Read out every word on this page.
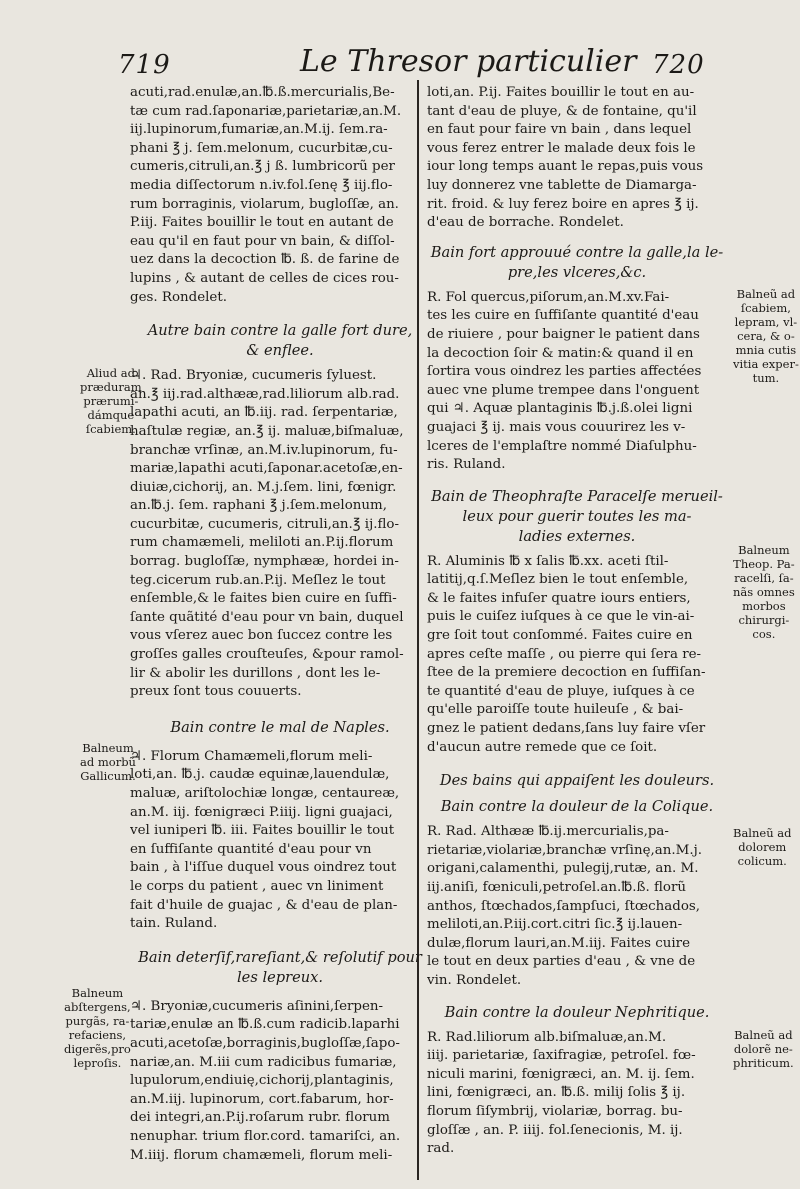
719	Le Thresor particulier 720

acuti,rad.enulæ,an.℔.ß.mercurialis,Be-
tæ cum rad.ſaponariæ,parietariæ,an.M.
iij.lupinorum,fumariæ,an.M.ij. ſem.ra-
phani ℥ j. ſem.melonum, cucurbitæ,cu-
cumeris,citruli,an.℥ j ß. lumbricorũ per
media diſſectorum n.iv.fol.ſenę ℥ iij.flo-
rum borraginis, violarum, bugloſſæ, an.
P.iij. Faites bouillir le tout en autant de
eau qu'il en faut pour vn bain, & diſſol-
uez dans la decoction ℔. ß. de farine de
lupins , & autant de celles de cices rou-
ges. Rondelet.

Autre bain contre la galle fort dure,
& enflee.

♃. Rad. Bryoniæ, cucumeris ſyluest.
an.℥ iij.rad.althææ,rad.liliorum alb.rad.
lapathi acuti, an ℔.iij. rad. ſerpentariæ,
haſtulæ regiæ, an.℥ ij. maluæ,biſmaluæ,
branchæ vrſinæ, an.M.iv.lupinorum, fu-
mariæ,lapathi acuti,ſaponar.acetoſæ,en-
diuiæ,cichorij, an. M.j.ſem. lini, fœnigr.
an.℔.j. ſem. raphani ℥ j.ſem.melonum,
cucurbitæ, cucumeris, citruli,an.℥ ij.flo-
rum chamæmeli, meliloti an.P.ij.florum
borrag. bugloſſæ, nymphææ, hordei in-
teg.cicerum rub.an.P.ij. Meſlez le tout
enſemble,& le faites bien cuire en ſuffi-
ſante quãtité d'eau pour vn bain, duquel
vous vſerez auec bon ſuccez contre les
groſſes galles crouſteuſes, &pour ramol-
lir & abolir les durillons , dont les le-
preux ſont tous couuerts.

Bain contre le mal de Naples.

♃. Florum Chamæmeli,florum meli-
loti,an. ℔.j. caudæ equinæ,lauendulæ,
maluæ, ariſtolochiæ longæ, centaureæ,
an.M. iij. fœnigræci P.iiij. ligni guajaci,
vel iuniperi ℔. iii. Faites bouillir le tout
en ſuffiſante quantité d'eau pour vn
bain , à l'iſſue duquel vous oindrez tout
le corps du patient , auec vn liniment
fait d'huile de guajac , & d'eau de plan-
tain. Ruland.

Bain deterſif,rareſiant,& reſolutif pour
les lepreux.

♃. Bryoniæ,cucumeris aſinini,ſerpen-
tariæ,enulæ an ℔.ß.cum radicib.laparhi
acuti,acetoſæ,borraginis,bugloſſæ,ſapo-
nariæ,an. M.iii cum radicibus fumariæ,
lupulorum,endiuię,cichorij,plantaginis,
an.M.iij. lupinorum, cort.fabarum, hor-
dei integri,an.P.ij.roſarum rubr. florum
nenuphar. trium flor.cord. tamariſci, an.
M.iiij. florum chamæmeli, florum meli-

loti,an. P.ij. Faites bouillir le tout en au-
tant d'eau de pluye, & de fontaine, qu'il
en faut pour faire vn bain , dans lequel
vous ferez entrer le malade deux fois le
iour long temps auant le repas,puis vous
luy donnerez vne tablette de Diamarga-
rit. froid. & luy ferez boire en apres ℥ ij.
d'eau de borrache. Rondelet.

Bain fort approuué contre la galle,la le-
pre,les vlceres,&c.

R. Fol quercus,piſorum,an.M.xv.Fai-
tes les cuire en ſuffiſante quantité d'eau
de riuiere , pour baigner le patient dans
la decoction ſoir & matin:& quand il en
ſortira vous oindrez les parties affectées
auec vne plume trempee dans l'onguent
qui ♃. Aquæ plantaginis ℔.j.ß.olei ligni
guajaci ℥ ij. mais vous couurirez les v-
lceres de l'emplaſtre nommé Diaſulphu-
ris. Ruland.

Bain de Theophraſte Paracelſe merueil-
leux pour guerir toutes les ma-
ladies externes.

R. Aluminis ℔ x ſalis ℔.xx. aceti ſtil-
latitij,q.ſ.Meſlez bien le tout enſemble,
& le faites infuſer quatre iours entiers,
puis le cuiſez iuſques à ce que le vin-ai-
gre ſoit tout conſommé. Faites cuire en
apres ceſte maſſe , ou pierre qui ſera re-
ſtee de la premiere decoction en ſuffiſan-
te quantité d'eau de pluye, iuſques à ce
qu'elle paroiſſe toute huileuſe , & bai-
gnez le patient dedans,ſans luy faire vſer
d'aucun autre remede que ce ſoit.

Des bains qui appaiſent les douleurs.
Bain contre la douleur de la Colique.

R. Rad. Althææ ℔.ij.mercurialis,pa-
rietariæ,violariæ,branchæ vrſinę,an.M.j.
origani,calamenthi, pulegij,rutæ, an. M.
iij.aniſi, fœniculi,petroſel.an.℔.ß. florũ
anthos, ſtœchados,ſampſuci, ſtœchados,
meliloti,an.P.iij.cort.citri ſic.℥ ij.lauen-
dulæ,florum lauri,an.M.iij. Faites cuire
le tout en deux parties d'eau , & vne de
vin. Rondelet.

Bain contre la douleur Nephritique.

R. Rad.liliorum alb.biſmaluæ,an.M.
iiij. parietariæ, ſaxifragiæ, petroſel. fœ-
niculi marini, fœnigræci, an. M. ij. ſem.
lini, fœnigræci, an. ℔.ß. milij ſolis ℥ ij.
florum ſiſymbrij, violariæ, borrag. bu-
gloſſæ , an. P. iiij. fol.ſenecionis, M. ij.
rad.

Aliud ad
præduram
prærumi-
dámque
ſcabiem.
Balneum
ad morbũ
Gallicum.
Balneum
abſtergens,
purgãs, ra-
refaciens,
digerẽs,pro
leproſis.
Balneũ ad
ſcabiem,
lepram, vl-
cera, & o-
mnia cutis
vitia exper-
tum.
Balneum
Theop. Pa-
racelſi, ſa-
nãs omnes
morbos
chirurgi-
cos.
Balneũ ad
dolorem
colicum.
Balneũ ad
dolorẽ ne-
phriticum.
